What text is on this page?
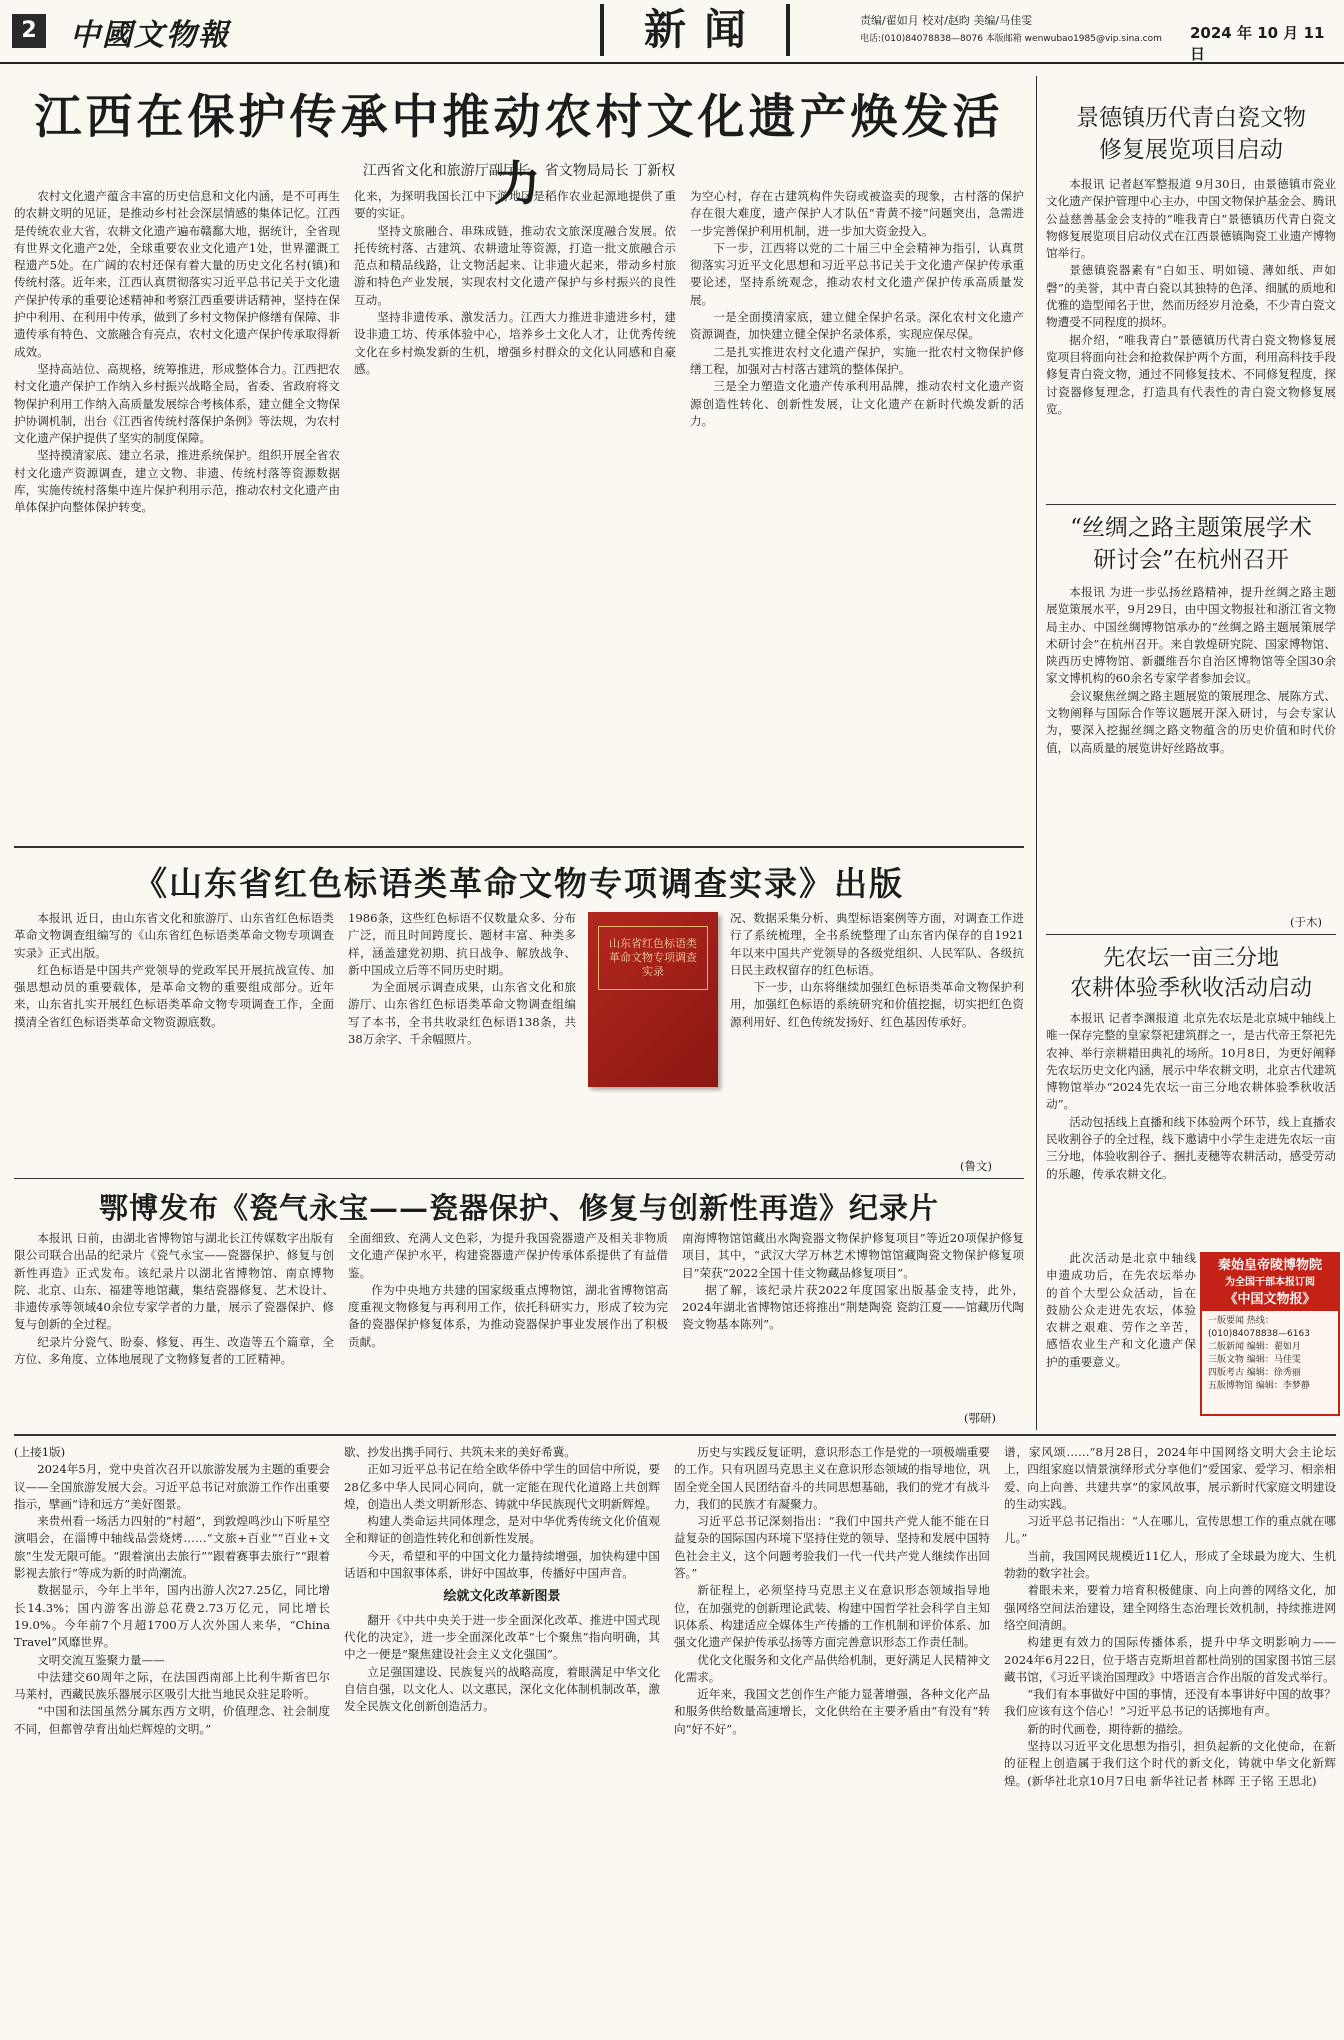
2	中國文物報	新闻	责编/翟如月 校对/赵昀 美编/马佳雯
电话:(010)84078838—8076 本版邮箱 wenwubao1985@vip.sina.com	2024 年 10 月 11 日
江西在保护传承中推动农村文化遗产焕发活力
江西省文化和旅游厅副厅长、省文物局局长 丁新权

农村文化遗产蕴含丰富的历史信息和文化内涵，是不可再生的农耕文明的见证，是推动乡村社会深层情感的集体记忆。江西是传统农业大省，农耕文化遗产遍布赣鄱大地，据统计，全省现有世界文化遗产2处，全球重要农业文化遗产1处，世界灌溉工程遗产5处。在广阔的农村还保有着大量的历史文化名村(镇)和传统村落。近年来，江西认真贯彻落实习近平总书记关于文化遗产保护传承的重要论述精神和考察江西重要讲话精神，坚持在保护中利用、在利用中传承，做到了乡村文物保护修缮有保障、非遗传承有特色、文旅融合有亮点，农村文化遗产保护传承取得新成效。

坚持高站位、高规格，统筹推进，形成整体合力。江西把农村文化遗产保护工作纳入乡村振兴战略全局，省委、省政府将文物保护利用工作纳入高质量发展综合考核体系，建立健全文物保护协调机制，出台《江西省传统村落保护条例》等法规，为农村文化遗产保护提供了坚实的制度保障。

坚持摸清家底、建立名录，推进系统保护。组织开展全省农村文化遗产资源调查，建立文物、非遗、传统村落等资源数据库，实施传统村落集中连片保护利用示范，推动农村文化遗产由单体保护向整体保护转变。

化来，为探明我国长江中下游地区是稻作农业起源地提供了重要的实证。

坚持文旅融合、串珠成链，推动农文旅深度融合发展。依托传统村落、古建筑、农耕遗址等资源，打造一批文旅融合示范点和精品线路，让文物活起来、让非遗火起来，带动乡村旅游和特色产业发展，实现农村文化遗产保护与乡村振兴的良性互动。

坚持非遗传承、激发活力。江西大力推进非遗进乡村，建设非遗工坊、传承体验中心，培养乡土文化人才，让优秀传统文化在乡村焕发新的生机，增强乡村群众的文化认同感和自豪感。

为空心村，存在古建筑构件失窃或被盗卖的现象，古村落的保护存在很大难度，遗产保护人才队伍“青黄不接”问题突出，急需进一步完善保护利用机制，进一步加大资金投入。

下一步，江西将以党的二十届三中全会精神为指引，认真贯彻落实习近平文化思想和习近平总书记关于文化遗产保护传承重要论述，坚持系统观念，推动农村文化遗产保护传承高质量发展。

一是全面摸清家底，建立健全保护名录。深化农村文化遗产资源调查，加快建立健全保护名录体系，实现应保尽保。

二是扎实推进农村文化遗产保护，实施一批农村文物保护修缮工程，加强对古村落古建筑的整体保护。

三是全力塑造文化遗产传承利用品牌，推动农村文化遗产资源创造性转化、创新性发展，让文化遗产在新时代焕发新的活力。

《山东省红色标语类革命文物专项调查实录》出版

本报讯 近日，由山东省文化和旅游厅、山东省红色标语类革命文物调查组编写的《山东省红色标语类革命文物专项调查实录》正式出版。

红色标语是中国共产党领导的党政军民开展抗战宣传、加强思想动员的重要载体，是革命文物的重要组成部分。近年来，山东省扎实开展红色标语类革命文物专项调查工作，全面摸清全省红色标语类革命文物资源底数。

1986条，这些红色标语不仅数量众多、分布广泛，而且时间跨度长、题材丰富、种类多样，涵盖建党初期、抗日战争、解放战争、新中国成立后等不同历史时期。

为全面展示调查成果，山东省文化和旅游厅、山东省红色标语类革命文物调查组编写了本书，全书共收录红色标语138条，共38万余字、千余幅照片。

山东省红色标语类革命文物专项调查实录

况、数据采集分析、典型标语案例等方面，对调查工作进行了系统梳理，全书系统整理了山东省内保存的自1921年以来中国共产党领导的各级党组织、人民军队、各级抗日民主政权留存的红色标语。

下一步，山东将继续加强红色标语类革命文物保护利用，加强红色标语的系统研究和价值挖掘，切实把红色资源利用好、红色传统发扬好、红色基因传承好。

(鲁文)
鄂博发布《瓷气永宝——瓷器保护、修复与创新性再造》纪录片

本报讯 日前，由湖北省博物馆与湖北长江传媒数字出版有限公司联合出品的纪录片《瓷气永宝——瓷器保护、修复与创新性再造》正式发布。该纪录片以湖北省博物馆、南京博物院、北京、山东、福建等地馆藏，集结瓷器修复、艺术设计、非遗传承等领域40余位专家学者的力量，展示了瓷器保护、修复与创新的全过程。

纪录片分瓷气、盼泰、修复、再生、改造等五个篇章，全方位、多角度、立体地展现了文物修复者的工匠精神。

全面细致、充满人文色彩，为提升我国瓷器遗产及相关非物质文化遗产保护水平，构建瓷器遗产保护传承体系提供了有益借鉴。

作为中央地方共建的国家级重点博物馆，湖北省博物馆高度重视文物修复与再利用工作，依托科研实力，形成了较为完备的瓷器保护修复体系，为推动瓷器保护事业发展作出了积极贡献。

南海博物馆馆藏出水陶瓷器文物保护修复项目”等近20项保护修复项目，其中，“武汉大学万林艺术博物馆馆藏陶瓷文物保护修复项目”荣获“2022全国十佳文物藏品修复项目”。

据了解，该纪录片获2022年度国家出版基金支持，此外，2024年湖北省博物馆还将推出“荆楚陶瓷 瓷韵江夏——馆藏历代陶瓷文物基本陈列”。

(鄂研)
景德镇历代青白瓷文物
修复展览项目启动

本报讯 记者赵军整报道 9月30日，由景德镇市瓷业文化遗产保护管理中心主办，中国文物保护基金会、腾讯公益慈善基金会支持的“唯我青白”景德镇历代青白瓷文物修复展览项目启动仪式在江西景德镇陶瓷工业遗产博物馆举行。

景德镇瓷器素有“白如玉、明如镜、薄如纸、声如磬”的美誉，其中青白瓷以其独特的色泽、细腻的质地和优雅的造型闻名于世，然而历经岁月沧桑，不少青白瓷文物遭受不同程度的损坏。

据介绍，“唯我青白”景德镇历代青白瓷文物修复展览项目将面向社会和抢救保护两个方面，利用高科技手段修复青白瓷文物，通过不同修复技术、不同修复程度，探讨瓷器修复理念，打造具有代表性的青白瓷文物修复展览。

“丝绸之路主题策展学术
研讨会”在杭州召开

本报讯 为进一步弘扬丝路精神，提升丝绸之路主题展览策展水平，9月29日，由中国文物报社和浙江省文物局主办、中国丝绸博物馆承办的“丝绸之路主题展策展学术研讨会”在杭州召开。来自敦煌研究院、国家博物馆、陕西历史博物馆、新疆维吾尔自治区博物馆等全国30余家文博机构的60余名专家学者参加会议。

会议聚焦丝绸之路主题展览的策展理念、展陈方式、文物阐释与国际合作等议题展开深入研讨，与会专家认为，要深入挖掘丝绸之路文物蕴含的历史价值和时代价值，以高质量的展览讲好丝路故事。

(于木)
先农坛一亩三分地
农耕体验季秋收活动启动

本报讯 记者李渊报道 北京先农坛是北京城中轴线上唯一保存完整的皇家祭祀建筑群之一，是古代帝王祭祀先农神、举行亲耕耤田典礼的场所。10月8日，为更好阐释先农坛历史文化内涵，展示中华农耕文明，北京古代建筑博物馆举办“2024先农坛一亩三分地农耕体验季秋收活动”。

活动包括线上直播和线下体验两个环节，线上直播农民收割谷子的全过程，线下邀请中小学生走进先农坛一亩三分地，体验收割谷子、捆扎麦穗等农耕活动，感受劳动的乐趣，传承农耕文化。

此次活动是北京中轴线申遗成功后，在先农坛举办的首个大型公众活动，旨在鼓励公众走进先农坛，体验农耕之艰难、劳作之辛苦，感悟农业生产和文化遗产保护的重要意义。

秦始皇帝陵博物院
为全国干部本报订阅
《中国文物报》
一版要闻 热线：(010)84078838—6163
二版新闻 编辑：翟如月
三版文物 编辑：马佳雯
四版考古 编辑：徐秀丽
五版博物馆 编辑：李梦静

(上接1版)

2024年5月，党中央首次召开以旅游发展为主题的重要会议——全国旅游发展大会。习近平总书记对旅游工作作出重要指示，擘画“诗和远方”美好图景。

来贵州看一场活力四射的“村超”，到敦煌鸣沙山下听星空演唱会，在淄博中轴线品尝烧烤……“文旅+百业”“百业+文旅”生发无限可能。“跟着演出去旅行”“跟着赛事去旅行”“跟着影视去旅行”等成为新的时尚潮流。

数据显示，今年上半年，国内出游人次27.25亿，同比增长14.3%；国内游客出游总花费2.73万亿元，同比增长19.0%。今年前7个月超1700万人次外国人来华，“China Travel”风靡世界。

文明交流互鉴聚力量——

中法建交60周年之际，在法国西南部上比利牛斯省巴尔马莱村，西藏民族乐器展示区吸引大批当地民众驻足聆听。

“中国和法国虽然分属东西方文明，价值理念、社会制度不同，但都曾孕育出灿烂辉煌的文明。”

歇、抄发出携手同行、共筑未来的美好希冀。

正如习近平总书记在给全欧华侨中学生的回信中所说，要28亿多中华人民同心同向，就一定能在现代化道路上共创辉煌，创造出人类文明新形态、铸就中华民族现代文明新辉煌。

构建人类命运共同体理念，是对中华优秀传统文化价值观全和辩证的创造性转化和创新性发展。

今天，希望和平的中国文化力量持续增强，加快构建中国话语和中国叙事体系，讲好中国故事，传播好中国声音。

绘就文化改革新图景

翻开《中共中央关于进一步全面深化改革、推进中国式现代化的决定》，进一步全面深化改革“七个聚焦”指向明确，其中之一便是“聚焦建设社会主义文化强国”。

立足强国建设、民族复兴的战略高度，着眼满足中华文化自信自强，以文化人、以文惠民，深化文化体制机制改革，激发全民族文化创新创造活力。

历史与实践反复证明，意识形态工作是党的一项极端重要的工作。只有巩固马克思主义在意识形态领域的指导地位，巩固全党全国人民团结奋斗的共同思想基础，我们的党才有战斗力，我们的民族才有凝聚力。

习近平总书记深刻指出：“我们中国共产党人能不能在日益复杂的国际国内环境下坚持住党的领导、坚持和发展中国特色社会主义，这个问题考验我们一代一代共产党人继续作出回答。”

新征程上，必须坚持马克思主义在意识形态领域指导地位，在加强党的创新理论武装、构建中国哲学社会科学自主知识体系、构建适应全媒体生产传播的工作机制和评价体系、加强文化遗产保护传承弘扬等方面完善意识形态工作责任制。

优化文化服务和文化产品供给机制，更好满足人民精神文化需求。

近年来，我国文艺创作生产能力显著增强，各种文化产品和服务供给数量高速增长，文化供给在主要矛盾由“有没有”转向“好不好”。

谱，家风颂……“8月28日，2024年中国网络文明大会主论坛上，四组家庭以情景演绎形式分享他们“爱国家、爱学习、相亲相爱、向上向善、共建共享”的家风故事，展示新时代家庭文明建设的生动实践。

习近平总书记指出：“人在哪儿，宣传思想工作的重点就在哪儿。”

当前，我国网民规模近11亿人，形成了全球最为庞大、生机勃勃的数字社会。

着眼未来，要着力培育积极健康、向上向善的网络文化，加强网络空间法治建设，建全网络生态治理长效机制，持续推进网络空间清朗。

构建更有效力的国际传播体系，提升中华文明影响力——2024年6月22日，位于塔吉克斯坦首都杜尚别的国家图书馆三层藏书馆，《习近平谈治国理政》中塔语言合作出版的首发式举行。

“我们有本事做好中国的事情，还没有本事讲好中国的故事？我们应该有这个信心！”习近平总书记的话掷地有声。

新的时代画卷，期待新的描绘。

坚持以习近平文化思想为指引，担负起新的文化使命，在新的征程上创造属于我们这个时代的新文化，铸就中华文化新辉煌。(新华社北京10月7日电 新华社记者 林晖 王子铭 王思北)
